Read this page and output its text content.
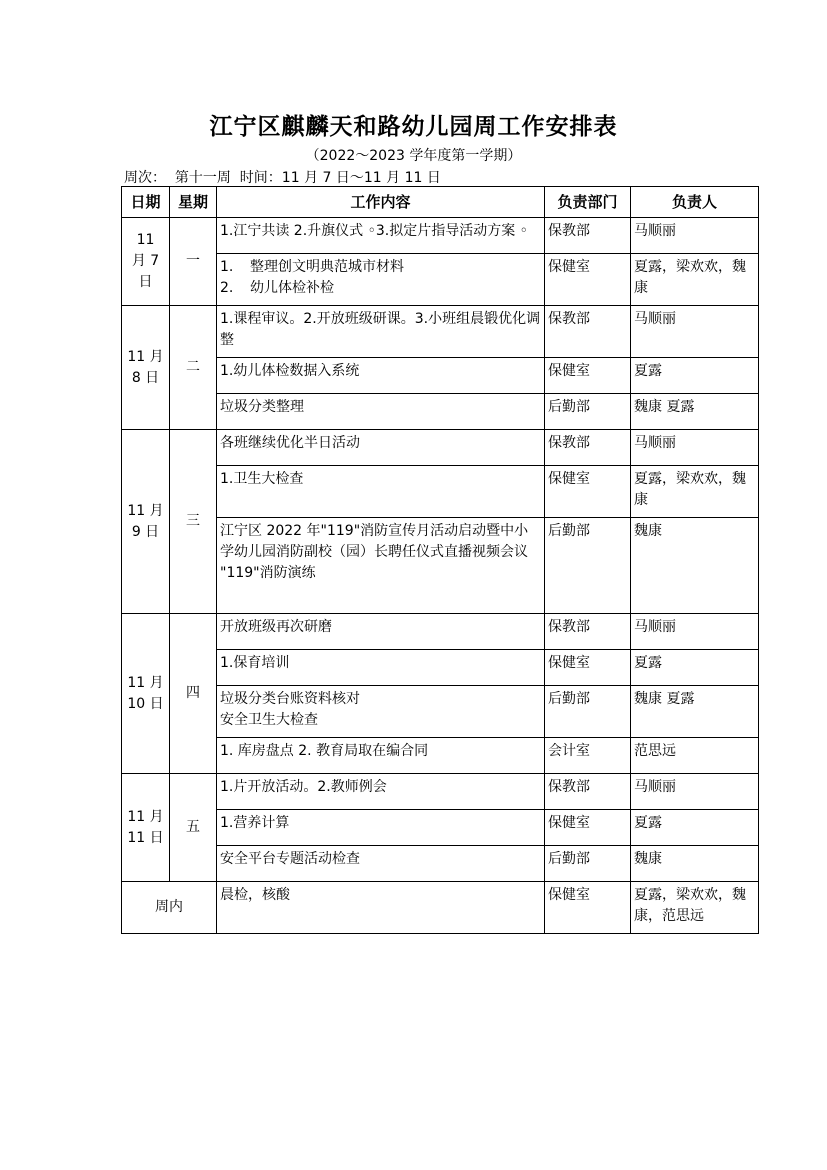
江宁区麒麟天和路幼儿园周工作安排表
（2022～2023 学年度第一学期）
周次：  第十一周  时间：11 月 7 日～11 月 11 日
日期	星期	工作内容	负责部门	负责人

11
月 7
日	一	1.江宁共读 2.升旗仪式 ◦3.拟定片指导活动方案 ◦	保教部	马顺丽

		1. 整理创文明典范城市材料
2. 幼儿体检补检	保健室	夏露，梁欢欢，魏康

11 月
8 日	二	1.课程审议。2.开放班级研课。3.小班组晨锻优化调整	保教部	马顺丽

		1.幼儿体检数据入系统	保健室	夏露

		垃圾分类整理	后勤部	魏康 夏露

11 月
9 日	三	各班继续优化半日活动	保教部	马顺丽

		1.卫生大检查	保健室	夏露，梁欢欢，魏康

		江宁区 2022 年"119"消防宣传月活动启动暨中小学幼儿园消防副校（园）长聘任仪式直播视频会议
"119"消防演练	后勤部	魏康

11 月
10 日	四	开放班级再次研磨	保教部	马顺丽

		1.保育培训	保健室	夏露

		垃圾分类台账资料核对
安全卫生大检查	后勤部	魏康 夏露

		1. 库房盘点 2. 教育局取在编合同	会计室	范思远

11 月
11 日	五	1.片开放活动。2.教师例会	保教部	马顺丽

		1.营养计算	保健室	夏露

		安全平台专题活动检查	后勤部	魏康
周内		晨检，核酸	保健室	夏露，梁欢欢，魏康，范思远
